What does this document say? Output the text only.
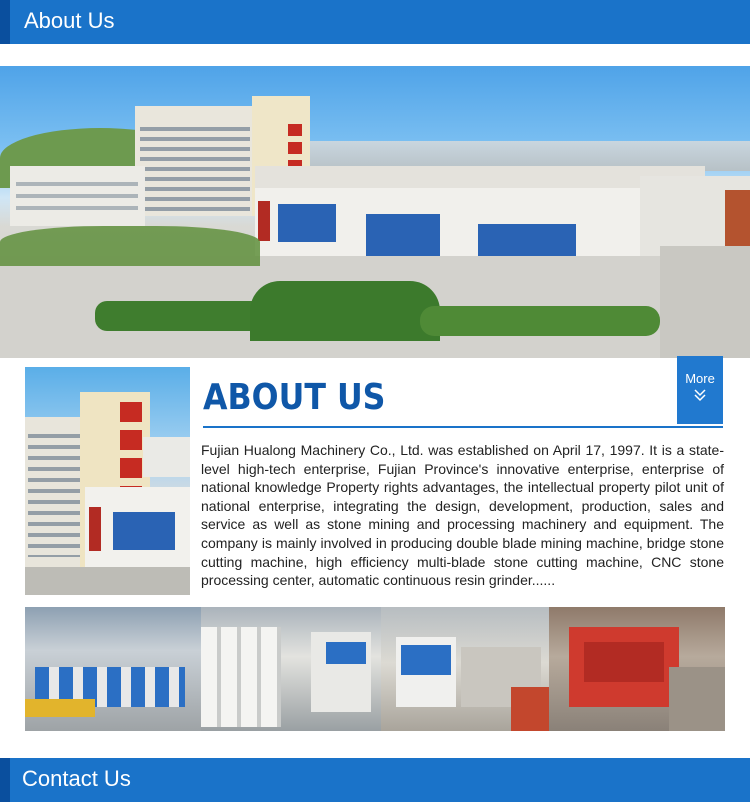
About Us
ABOUT US	More
Fujian Hualong Machinery Co., Ltd. was established on April 17, 1997. It is a state-level high-tech enterprise, Fujian Province's innovative enterprise, enterprise of national knowledge Property rights advantages, the intellectual property pilot unit of national enterprise, integrating the design, development, production, sales and service as well as stone mining and processing machinery and equipment. The company is mainly involved in producing double blade mining machine, bridge stone cutting machine, high efficiency multi-blade stone cutting machine, CNC stone processing center, automatic continuous resin grinder......
Contact Us
